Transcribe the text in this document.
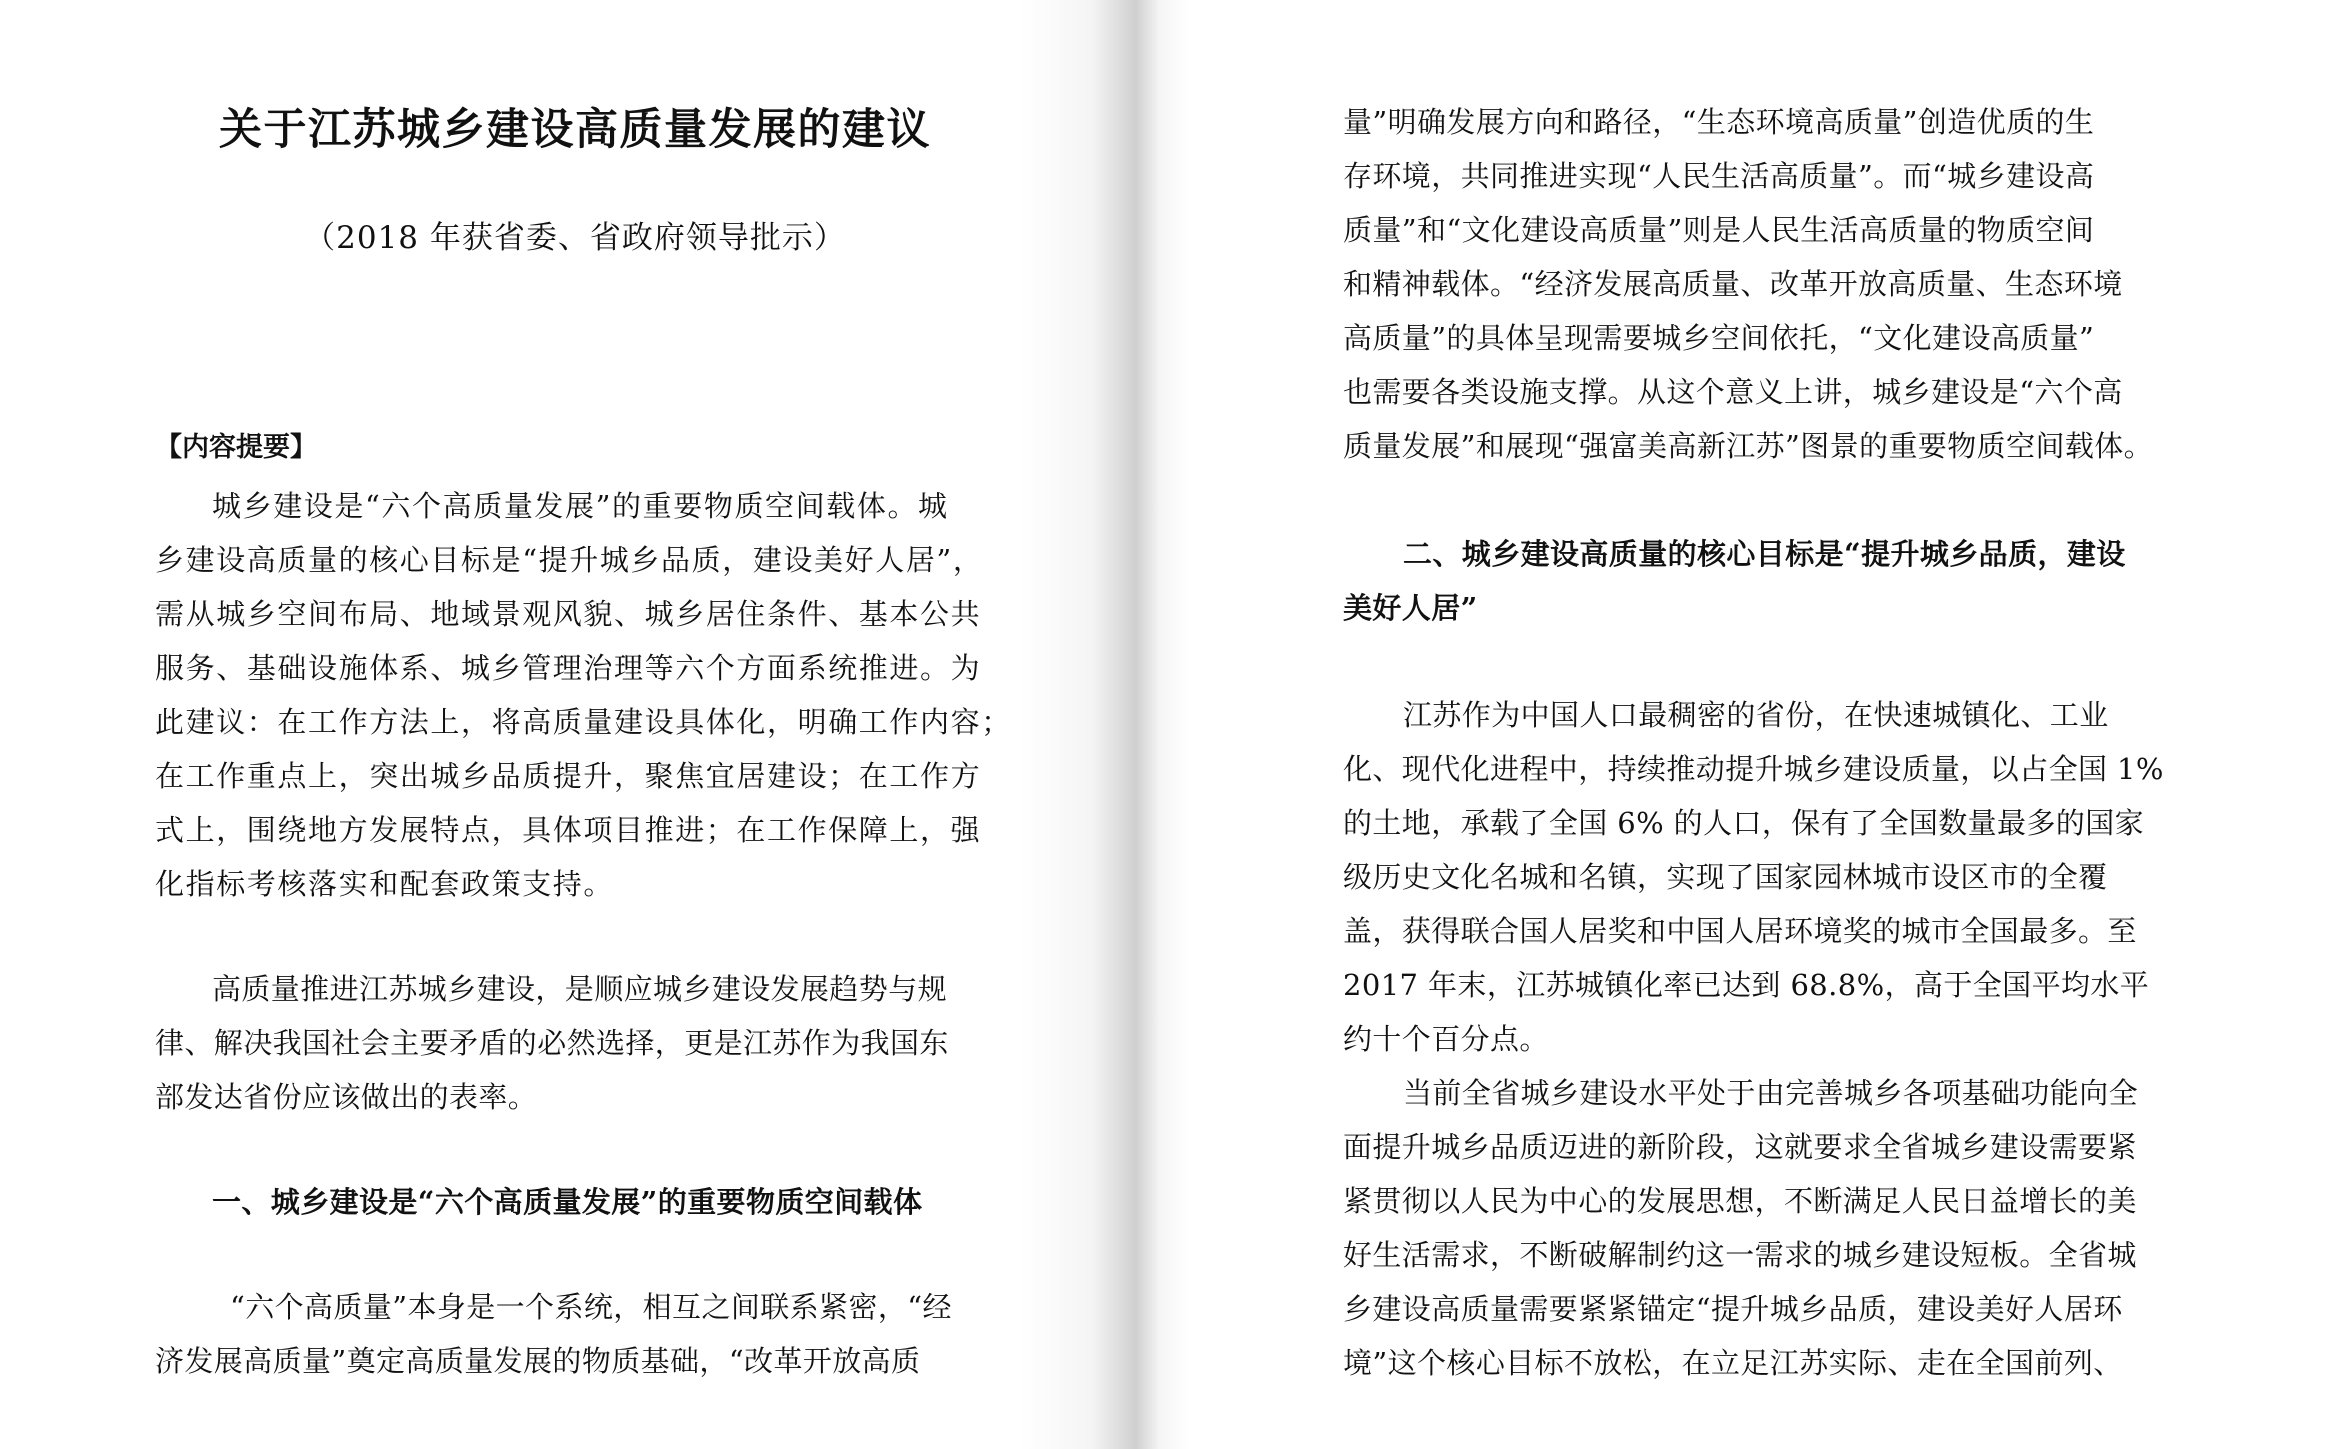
关于江苏城乡建设高质量发展的建议
（2018 年获省委、省政府领导批示）
【内容提要】
城乡建设是“六个高质量发展”的重要物质空间载体。城
乡建设高质量的核心目标是“提升城乡品质，建设美好人居”，
需从城乡空间布局、地域景观风貌、城乡居住条件、基本公共
服务、基础设施体系、城乡管理治理等六个方面系统推进。为
此建议：在工作方法上，将高质量建设具体化，明确工作内容；
在工作重点上，突出城乡品质提升，聚焦宜居建设；在工作方
式上，围绕地方发展特点，具体项目推进；在工作保障上，强
化指标考核落实和配套政策支持。
高质量推进江苏城乡建设，是顺应城乡建设发展趋势与规
律、解决我国社会主要矛盾的必然选择，更是江苏作为我国东
部发达省份应该做出的表率。
一、城乡建设是“六个高质量发展”的重要物质空间载体
“六个高质量”本身是一个系统，相互之间联系紧密，“经
济发展高质量”奠定高质量发展的物质基础，“改革开放高质
量”明确发展方向和路径，“生态环境高质量”创造优质的生
存环境，共同推进实现“人民生活高质量”。而“城乡建设高
质量”和“文化建设高质量”则是人民生活高质量的物质空间
和精神载体。“经济发展高质量、改革开放高质量、生态环境
高质量”的具体呈现需要城乡空间依托，“文化建设高质量”
也需要各类设施支撑。从这个意义上讲，城乡建设是“六个高
质量发展”和展现“强富美高新江苏”图景的重要物质空间载体。
二、城乡建设高质量的核心目标是“提升城乡品质，建设
美好人居”
江苏作为中国人口最稠密的省份，在快速城镇化、工业
化、现代化进程中，持续推动提升城乡建设质量，以占全国 1%
的土地，承载了全国 6% 的人口，保有了全国数量最多的国家
级历史文化名城和名镇，实现了国家园林城市设区市的全覆
盖，获得联合国人居奖和中国人居环境奖的城市全国最多。至
2017 年末，江苏城镇化率已达到 68.8%，高于全国平均水平
约十个百分点。
当前全省城乡建设水平处于由完善城乡各项基础功能向全
面提升城乡品质迈进的新阶段，这就要求全省城乡建设需要紧
紧贯彻以人民为中心的发展思想，不断满足人民日益增长的美
好生活需求，不断破解制约这一需求的城乡建设短板。全省城
乡建设高质量需要紧紧锚定“提升城乡品质，建设美好人居环
境”这个核心目标不放松，在立足江苏实际、走在全国前列、
